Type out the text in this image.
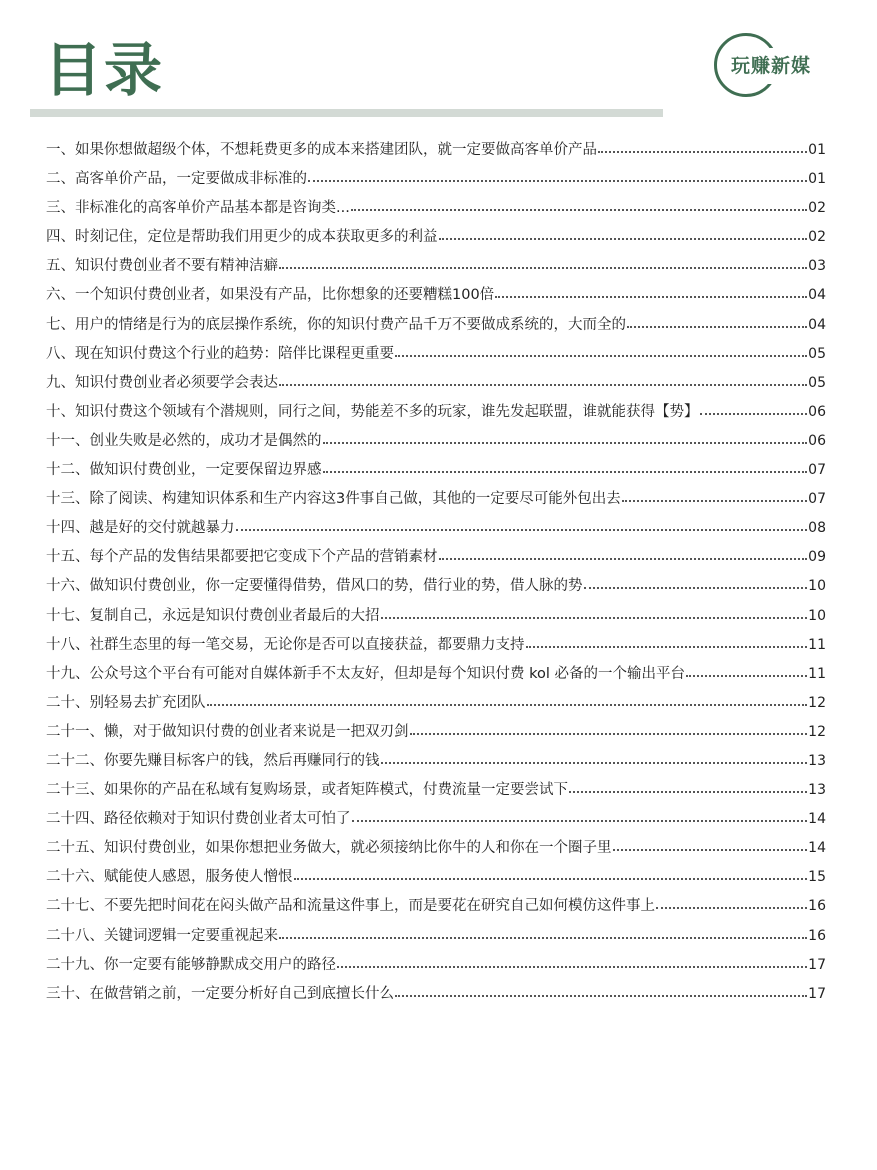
目录	玩赚新媒
一、如果你想做超级个体，不想耗费更多的成本来搭建团队，就一定要做高客单价产品	01
二、高客单价产品，一定要做成非标准的	01
三、非标准化的高客单价产品基本都是咨询类...	02
四、时刻记住，定位是帮助我们用更少的成本获取更多的利益	02
五、知识付费创业者不要有精神洁癖	03
六、一个知识付费创业者，如果没有产品，比你想象的还要糟糕100倍	04
七、用户的情绪是行为的底层操作系统，你的知识付费产品千万不要做成系统的，大而全的	04
八、现在知识付费这个行业的趋势：陪伴比课程更重要	05
九、知识付费创业者必须要学会表达	05
十、知识付费这个领域有个潜规则，同行之间，势能差不多的玩家，谁先发起联盟，谁就能获得【势】	06
十一、创业失败是必然的，成功才是偶然的	06
十二、做知识付费创业，一定要保留边界感	07
十三、除了阅读、构建知识体系和生产内容这3件事自己做，其他的一定要尽可能外包出去	07
十四、越是好的交付就越暴力	08
十五、每个产品的发售结果都要把它变成下个产品的营销素材	09
十六、做知识付费创业，你一定要懂得借势，借风口的势，借行业的势，借人脉的势	10
十七、复制自己，永远是知识付费创业者最后的大招	10
十八、社群生态里的每一笔交易，无论你是否可以直接获益，都要鼎力支持	11
十九、公众号这个平台有可能对自媒体新手不太友好，但却是每个知识付费 kol 必备的一个输出平台	11
二十、别轻易去扩充团队	12
二十一、懒，对于做知识付费的创业者来说是一把双刃剑	12
二十二、你要先赚目标客户的钱，然后再赚同行的钱	13
二十三、如果你的产品在私域有复购场景，或者矩阵模式，付费流量一定要尝试下	13
二十四、路径依赖对于知识付费创业者太可怕了	14
二十五、知识付费创业，如果你想把业务做大，就必须接纳比你牛的人和你在一个圈子里	14
二十六、赋能使人感恩，服务使人憎恨	15
二十七、不要先把时间花在闷头做产品和流量这件事上，而是要花在研究自己如何模仿这件事上	16
二十八、关键词逻辑一定要重视起来	16
二十九、你一定要有能够静默成交用户的路径	17
三十、在做营销之前，一定要分析好自己到底擅长什么	17
